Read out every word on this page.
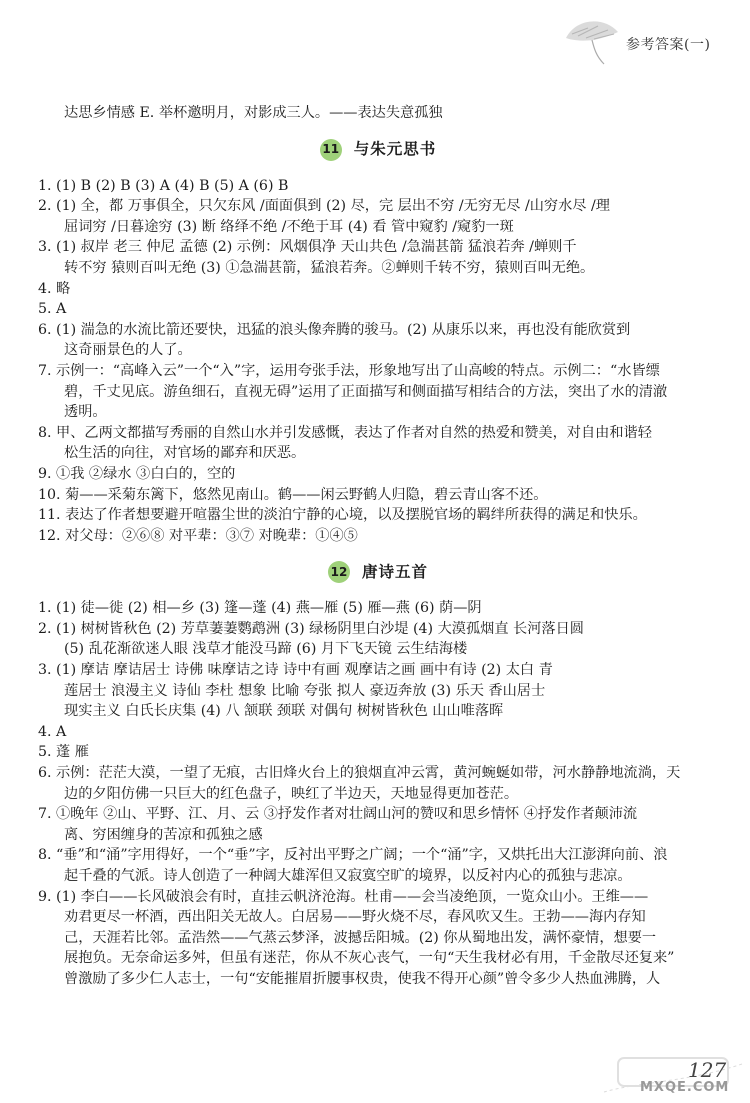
参考答案(一)
达思乡情感 E. 举杯邀明月，对影成三人。——表达失意孤独
11 与朱元思书
1. (1) B (2) B (3) A (4) B (5) A (6) B
2. (1) 全，都 万事俱全，只欠东风 /面面俱到 (2) 尽，完 层出不穷 /无穷无尽 /山穷水尽 /理
屈词穷 /日暮途穷 (3) 断 络绎不绝 /不绝于耳 (4) 看 管中窥豹 /窥豹一斑
3. (1) 叔岸 老三 仲尼 孟德 (2) 示例：风烟俱净 天山共色 /急湍甚箭 猛浪若奔 /蝉则千
转不穷 猿则百叫无绝 (3) ①急湍甚箭，猛浪若奔。②蝉则千转不穷，猿则百叫无绝。
4. 略
5. A
6. (1) 湍急的水流比箭还要快，迅猛的浪头像奔腾的骏马。(2) 从康乐以来，再也没有能欣赏到
这奇丽景色的人了。
7. 示例一：“高峰入云”一个“入”字，运用夸张手法，形象地写出了山高峻的特点。示例二：“水皆缥
碧，千丈见底。游鱼细石，直视无碍”运用了正面描写和侧面描写相结合的方法，突出了水的清澈
透明。
8. 甲、乙两文都描写秀丽的自然山水并引发感慨，表达了作者对自然的热爱和赞美，对自由和谐轻
松生活的向往，对官场的鄙弃和厌恶。
9. ①我 ②绿水 ③白白的，空的
10. 菊——采菊东篱下，悠然见南山。鹤——闲云野鹤人归隐，碧云青山客不还。
11. 表达了作者想要避开喧嚣尘世的淡泊宁静的心境，以及摆脱官场的羁绊所获得的满足和快乐。
12. 对父母：②⑥⑧ 对平辈：③⑦ 对晚辈：①④⑤
12 唐诗五首
1. (1) 徒—徙 (2) 相—乡 (3) 篷—蓬 (4) 燕—雁 (5) 雁—燕 (6) 荫—阴
2. (1) 树树皆秋色 (2) 芳草萋萋鹦鹉洲 (3) 绿杨阴里白沙堤 (4) 大漠孤烟直 长河落日圆
(5) 乱花渐欲迷人眼 浅草才能没马蹄 (6) 月下飞天镜 云生结海楼
3. (1) 摩诘 摩诘居士 诗佛 味摩诘之诗 诗中有画 观摩诘之画 画中有诗 (2) 太白 青
莲居士 浪漫主义 诗仙 李杜 想象 比喻 夸张 拟人 豪迈奔放 (3) 乐天 香山居士
现实主义 白氏长庆集 (4) 八 颔联 颈联 对偶句 树树皆秋色 山山唯落晖
4. A
5. 蓬 雁
6. 示例：茫茫大漠，一望了无痕，古旧烽火台上的狼烟直冲云霄，黄河蜿蜒如带，河水静静地流淌，天
边的夕阳仿佛一只巨大的红色盘子，映红了半边天，天地显得更加苍茫。
7. ①晚年 ②山、平野、江、月、云 ③抒发作者对壮阔山河的赞叹和思乡情怀 ④抒发作者颠沛流
离、穷困缠身的苦凉和孤独之感
8. “垂”和“涌”字用得好，一个“垂”字，反衬出平野之广阔；一个“涌”字，又烘托出大江澎湃向前、浪
起千叠的气派。诗人创造了一种阔大雄浑但又寂寞空旷的境界，以反衬内心的孤独与悲凉。
9. (1) 李白——长风破浪会有时，直挂云帆济沧海。杜甫——会当凌绝顶，一览众山小。王维——
劝君更尽一杯酒，西出阳关无故人。白居易——野火烧不尽，春风吹又生。王勃——海内存知
己，天涯若比邻。孟浩然——气蒸云梦泽，波撼岳阳城。(2) 你从蜀地出发，满怀豪情，想要一
展抱负。无奈命运多舛，但虽有迷茫，你从不灰心丧气，一句“天生我材必有用，千金散尽还复来”
曾激励了多少仁人志士，一句“安能摧眉折腰事权贵，使我不得开心颜”曾令多少人热血沸腾，人
MXQE.COM
127
